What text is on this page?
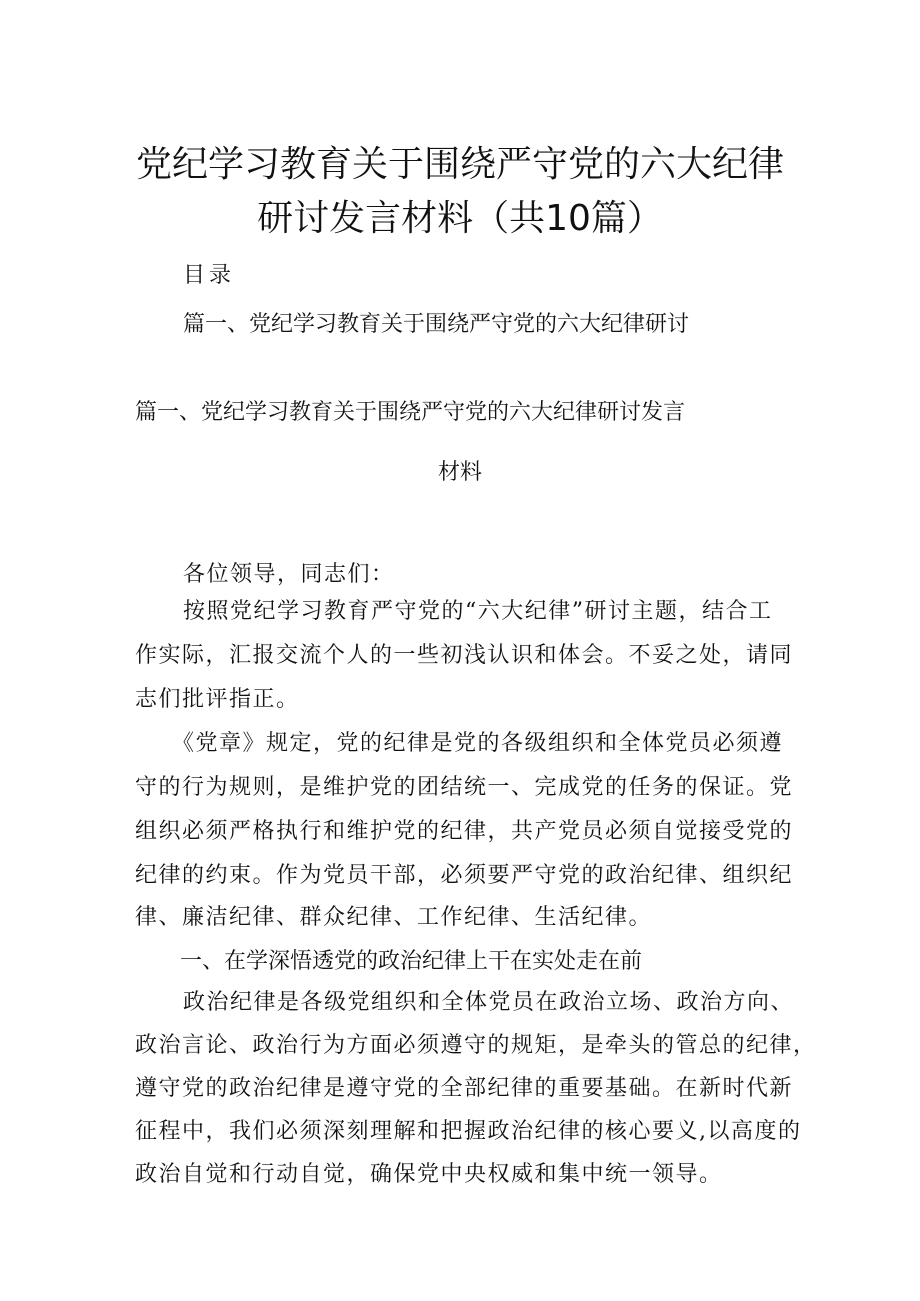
党纪学习教育关于围绕严守党的六大纪律
研讨发言材料（共10篇）
目录
篇一、党纪学习教育关于围绕严守党的六大纪律研讨
篇一、党纪学习教育关于围绕严守党的六大纪律研讨发言
材料
各位领导，同志们：
按照党纪学习教育严守党的“六大纪律”研讨主题，结合工
作实际，汇报交流个人的一些初浅认识和体会。不妥之处，请同
志们批评指正。
《党章》规定，党的纪律是党的各级组织和全体党员必须遵
守的行为规则，是维护党的团结统一、完成党的任务的保证。党
组织必须严格执行和维护党的纪律，共产党员必须自觉接受党的
纪律的约束。作为党员干部，必须要严守党的政治纪律、组织纪
律、廉洁纪律、群众纪律、工作纪律、生活纪律。
一、在学深悟透党的政治纪律上干在实处走在前
政治纪律是各级党组织和全体党员在政治立场、政治方向、
政治言论、政治行为方面必须遵守的规矩，是牵头的管总的纪律，
遵守党的政治纪律是遵守党的全部纪律的重要基础。在新时代新
征程中，我们必须深刻理解和把握政治纪律的核心要义,以高度的
政治自觉和行动自觉，确保党中央权威和集中统一领导。
